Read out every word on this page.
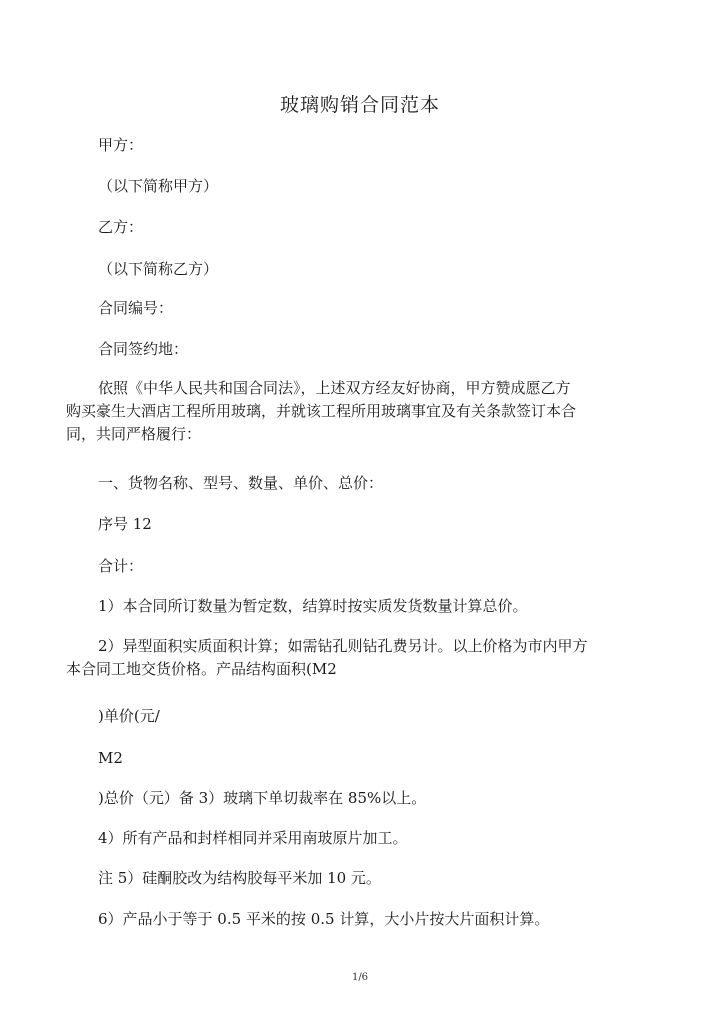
玻璃购销合同范本
甲方：
（以下简称甲方）
乙方：
（以下简称乙方）
合同编号：
合同签约地：
依照《中华人民共和国合同法》，上述双方经友好协商，甲方赞成愿乙方
购买豪生大酒店工程所用玻璃，并就该工程所用玻璃事宜及有关条款签订本合
同，共同严格履行：
一、货物名称、型号、数量、单价、总价：
序号 12
合计：
1）本合同所订数量为暂定数，结算时按实质发货数量计算总价。
2）异型面积实质面积计算；如需钻孔则钻孔费另计。以上价格为市内甲方
本合同工地交货价格。产品结构面积(M2
)单价(元/
M2
)总价（元）备 3）玻璃下单切裁率在 85%以上。
4）所有产品和封样相同并采用南玻原片加工。
注 5）硅酮胶改为结构胶每平米加 10 元。
6）产品小于等于 0.5 平米的按 0.5 计算，大小片按大片面积计算。
1/6
